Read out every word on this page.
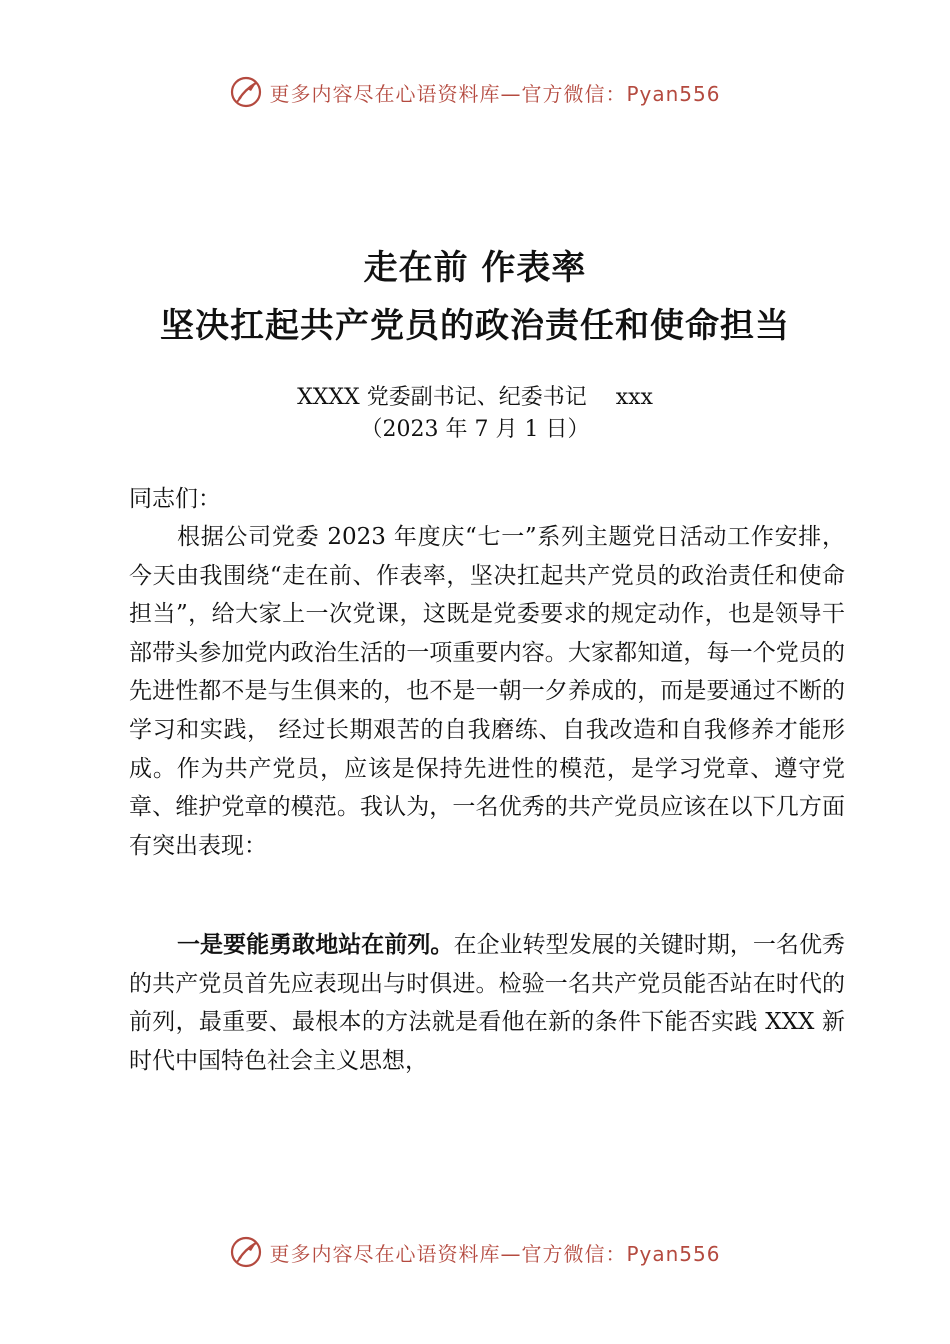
更多内容尽在心语资料库—官方微信：Pyan556
走在前 作表率
坚决扛起共产党员的政治责任和使命担当
XXXX 党委副书记、纪委书记　 xxx
（2023 年 7 月 1 日）
同志们：

根据公司党委 2023 年度庆“七一”系列主题党日活动工作安排，今天由我围绕“走在前、作表率，坚决扛起共产党员的政治责任和使命担当”，给大家上一次党课，这既是党委要求的规定动作，也是领导干部带头参加党内政治生活的一项重要内容。大家都知道，每一个党员的先进性都不是与生俱来的，也不是一朝一夕养成的，而是要通过不断的学习和实践， 经过长期艰苦的自我磨练、自我改造和自我修养才能形成。作为共产党员，应该是保持先进性的模范，是学习党章、遵守党章、维护党章的模范。我认为，一名优秀的共产党员应该在以下几方面有突出表现：

一是要能勇敢地站在前列。在企业转型发展的关键时期，一名优秀的共产党员首先应表现出与时俱进。检验一名共产党员能否站在时代的前列，最重要、最根本的方法就是看他在新的条件下能否实践 XXX 新时代中国特色社会主义思想，

更多内容尽在心语资料库—官方微信：Pyan556
